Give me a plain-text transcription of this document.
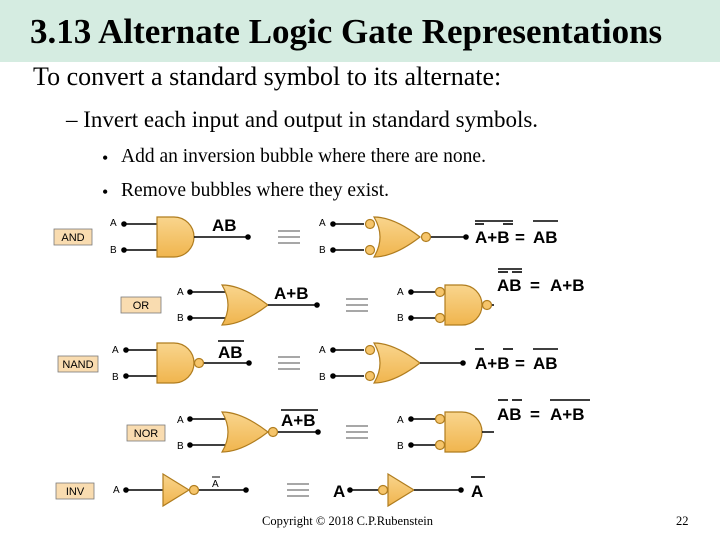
3.13 Alternate Logic Gate Representations
To convert a standard symbol to its alternate:
– Invert each input and output in standard symbols.
• Add an inversion bubble where there are none.
• Remove bubbles where they exist.
AND
A
B
AB	A
B
A+B = AB
OR
A
B
A+B	A
B
AB = A+B
NAND
A
B
AB	A
B
A+B = AB
NOR
A
B
A+B	A
B
AB = A+B
INV	A
A	A	A
Copyright © 2018 C.P.Rubenstein	22
